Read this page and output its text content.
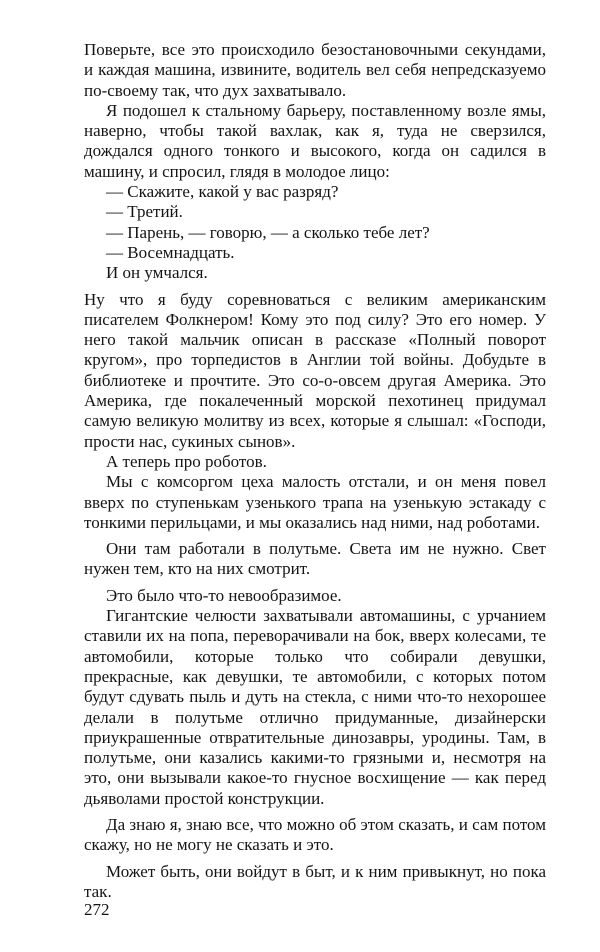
Поверьте, все это происходило безостановочными секундами, и каждая машина, извините, водитель вел себя непредсказуемо по-своему так, что дух захватывало.

Я подошел к стальному барьеру, поставленному возле ямы, наверно, чтобы такой вахлак, как я, туда не сверзился, дождался одного тонкого и высокого, когда он садился в машину, и спросил, глядя в молодое лицо:

— Скажите, какой у вас разряд?

— Третий.

— Парень, — говорю, — а сколько тебе лет?

— Восемнадцать.

И он умчался.

Ну что я буду соревноваться с великим американским писателем Фолкнером! Кому это под силу? Это его номер. У него такой мальчик описан в рассказе «Полный поворот кругом», про торпедистов в Англии той войны. Добудьте в библиотеке и прочтите. Это со-о-овсем другая Америка. Это Америка, где покалеченный морской пехотинец придумал самую великую молитву из всех, которые я слышал: «Господи, прости нас, сукиных сынов».

А теперь про роботов.

Мы с комсоргом цеха малость отстали, и он меня повел вверх по ступенькам узенького трапа на узенькую эстакаду с тонкими перильцами, и мы оказались над ними, над роботами.

Они там работали в полутьме. Света им не нужно. Свет нужен тем, кто на них смотрит.

Это было что-то невообразимое.

Гигантские челюсти захватывали автомашины, с урчанием ставили их на попа, переворачивали на бок, вверх колесами, те автомобили, которые только что собирали девушки, прекрасные, как девушки, те автомобили, с которых потом будут сдувать пыль и дуть на стекла, с ними что-то нехорошее делали в полутьме отлично придуманные, дизайнерски приукрашенные отвратительные динозавры, уродины. Там, в полутьме, они казались какими-то грязными и, несмотря на это, они вызывали какое-то гнусное восхищение — как перед дьяволами простой конструкции.

Да знаю я, знаю все, что можно об этом сказать, и сам потом скажу, но не могу не сказать и это.

Может быть, они войдут в быт, и к ним привыкнут, но пока так.

272
